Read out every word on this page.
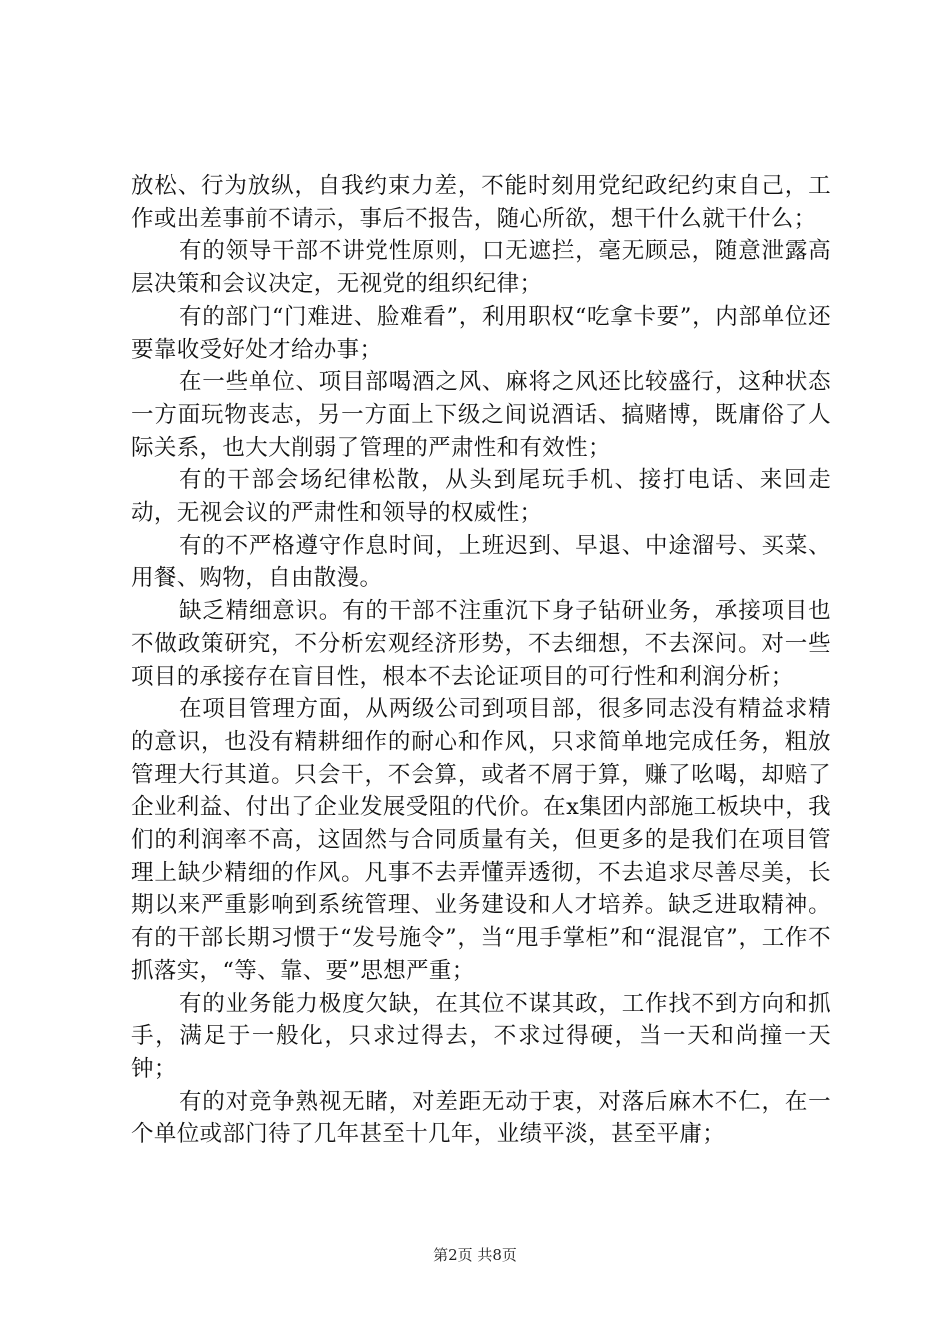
放松、行为放纵，自我约束力差，不能时刻用党纪政纪约束自己，工作或出差事前不请示，事后不报告，随心所欲，想干什么就干什么；

有的领导干部不讲党性原则，口无遮拦，毫无顾忌，随意泄露高层决策和会议决定，无视党的组织纪律；

有的部门“门难进、脸难看”，利用职权“吃拿卡要”，内部单位还要靠收受好处才给办事；

在一些单位、项目部喝酒之风、麻将之风还比较盛行，这种状态一方面玩物丧志，另一方面上下级之间说酒话、搞赌博，既庸俗了人际关系，也大大削弱了管理的严肃性和有效性；

有的干部会场纪律松散，从头到尾玩手机、接打电话、来回走动，无视会议的严肃性和领导的权威性；

有的不严格遵守作息时间，上班迟到、早退、中途溜号、买菜、用餐、购物，自由散漫。

缺乏精细意识。有的干部不注重沉下身子钻研业务，承接项目也不做政策研究，不分析宏观经济形势，不去细想，不去深问。对一些项目的承接存在盲目性，根本不去论证项目的可行性和利润分析；

在项目管理方面，从两级公司到项目部，很多同志没有精益求精的意识，也没有精耕细作的耐心和作风，只求简单地完成任务，粗放管理大行其道。只会干，不会算，或者不屑于算，赚了吆喝，却赔了企业利益、付出了企业发展受阻的代价。在x集团内部施工板块中，我们的利润率不高，这固然与合同质量有关，但更多的是我们在项目管理上缺少精细的作风。凡事不去弄懂弄透彻，不去追求尽善尽美，长期以来严重影响到系统管理、业务建设和人才培养。缺乏进取精神。有的干部长期习惯于“发号施令”，当“甩手掌柜”和“混混官”，工作不抓落实，“等、靠、要”思想严重；

有的业务能力极度欠缺，在其位不谋其政，工作找不到方向和抓手，满足于一般化，只求过得去，不求过得硬，当一天和尚撞一天钟；

有的对竞争熟视无睹，对差距无动于衷，对落后麻木不仁，在一个单位或部门待了几年甚至十几年，业绩平淡，甚至平庸；

第2页 共8页
